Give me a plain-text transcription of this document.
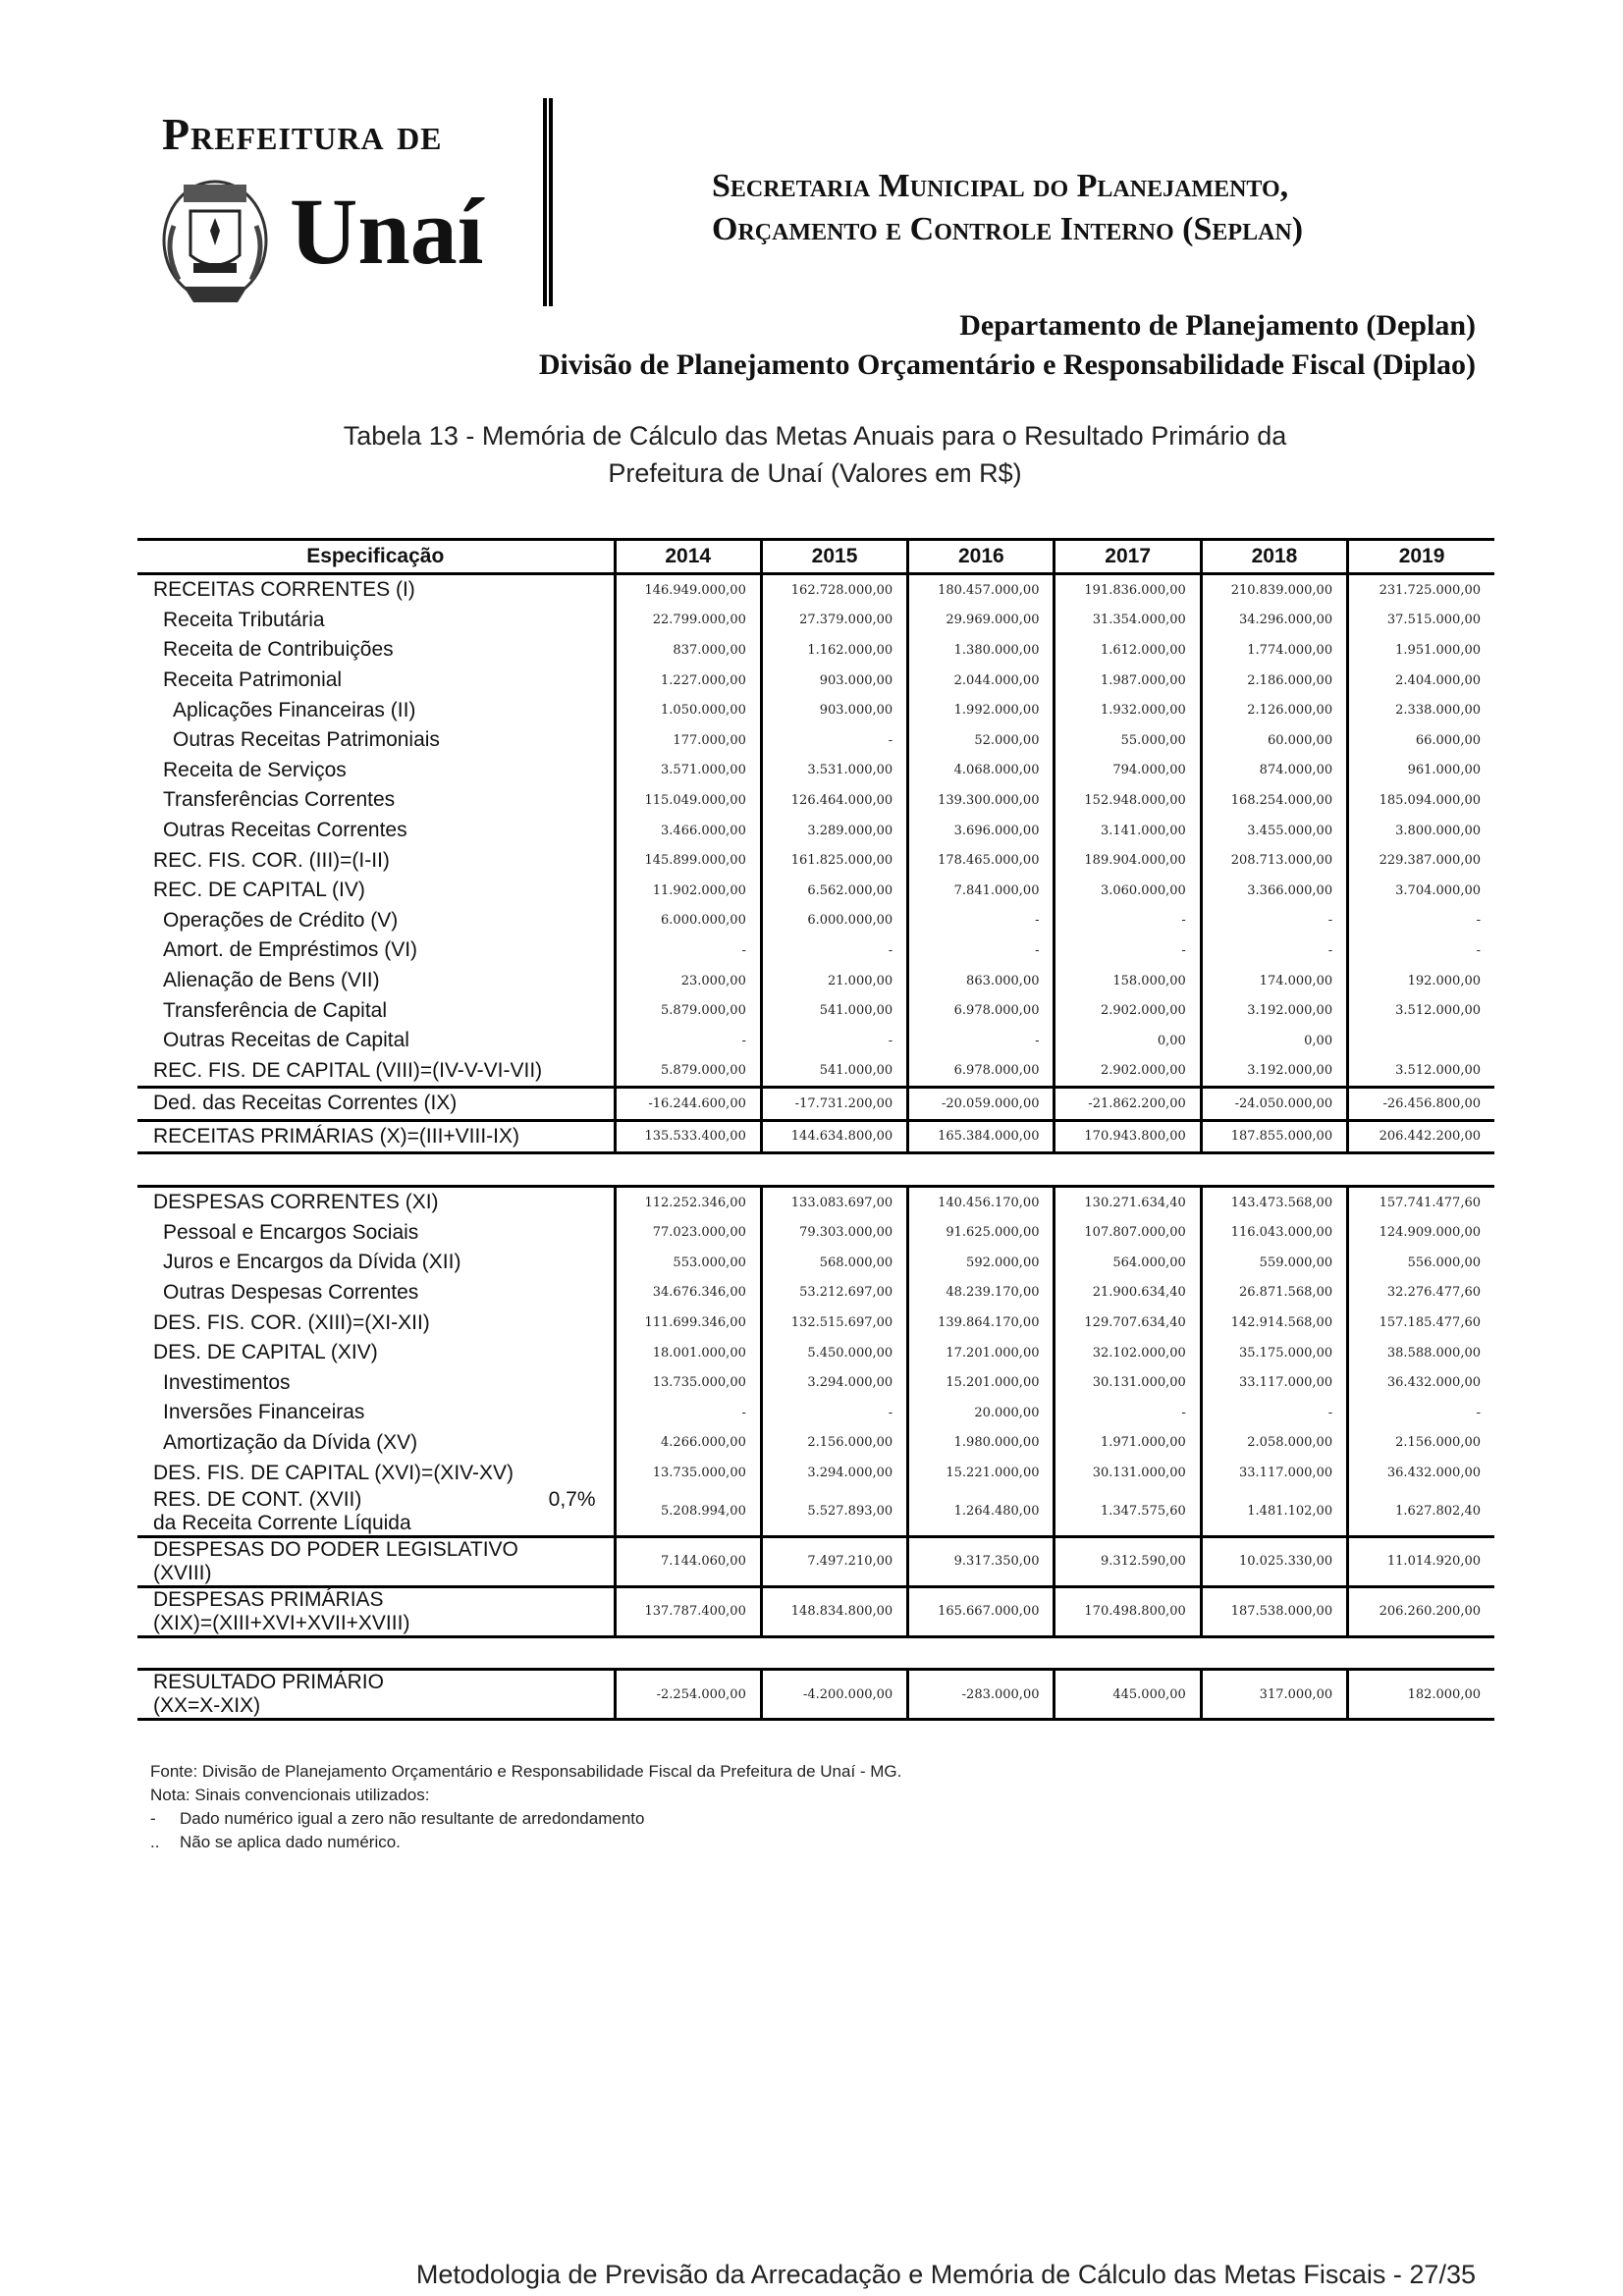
Prefeitura de
Unaí	Secretaria Municipal do Planejamento,
Orçamento e Controle Interno (Seplan)
Departamento de Planejamento (Deplan)
Divisão de Planejamento Orçamentário e Responsabilidade Fiscal (Diplao)
Tabela 13 - Memória de Cálculo das Metas Anuais para o Resultado Primário da
Prefeitura de Unaí (Valores em R$)
Especificação	2014	2015	2016	2017	2018	2019
RECEITAS CORRENTES (I)	146.949.000,00	162.728.000,00	180.457.000,00	191.836.000,00	210.839.000,00	231.725.000,00
Receita Tributária	22.799.000,00	27.379.000,00	29.969.000,00	31.354.000,00	34.296.000,00	37.515.000,00
Receita de Contribuições	837.000,00	1.162.000,00	1.380.000,00	1.612.000,00	1.774.000,00	1.951.000,00
Receita Patrimonial	1.227.000,00	903.000,00	2.044.000,00	1.987.000,00	2.186.000,00	2.404.000,00
Aplicações Financeiras (II)	1.050.000,00	903.000,00	1.992.000,00	1.932.000,00	2.126.000,00	2.338.000,00
Outras Receitas Patrimoniais	177.000,00	-	52.000,00	55.000,00	60.000,00	66.000,00
Receita de Serviços	3.571.000,00	3.531.000,00	4.068.000,00	794.000,00	874.000,00	961.000,00
Transferências Correntes	115.049.000,00	126.464.000,00	139.300.000,00	152.948.000,00	168.254.000,00	185.094.000,00
Outras Receitas Correntes	3.466.000,00	3.289.000,00	3.696.000,00	3.141.000,00	3.455.000,00	3.800.000,00
REC. FIS. COR. (III)=(I-II)	145.899.000,00	161.825.000,00	178.465.000,00	189.904.000,00	208.713.000,00	229.387.000,00
REC. DE CAPITAL (IV)	11.902.000,00	6.562.000,00	7.841.000,00	3.060.000,00	3.366.000,00	3.704.000,00
Operações de Crédito (V)	6.000.000,00	6.000.000,00	-	-	-	-
Amort. de Empréstimos (VI)	-	-	-	-	-	-
Alienação de Bens (VII)	23.000,00	21.000,00	863.000,00	158.000,00	174.000,00	192.000,00
Transferência de Capital	5.879.000,00	541.000,00	6.978.000,00	2.902.000,00	3.192.000,00	3.512.000,00
Outras Receitas de Capital	-	-	-	0,00	0,00	
REC. FIS. DE CAPITAL (VIII)=(IV-V-VI-VII)	5.879.000,00	541.000,00	6.978.000,00	2.902.000,00	3.192.000,00	3.512.000,00
Ded. das Receitas Correntes (IX)	-16.244.600,00	-17.731.200,00	-20.059.000,00	-21.862.200,00	-24.050.000,00	-26.456.800,00
RECEITAS PRIMÁRIAS (X)=(III+VIII-IX)	135.533.400,00	144.634.800,00	165.384.000,00	170.943.800,00	187.855.000,00	206.442.200,00

DESPESAS CORRENTES (XI)	112.252.346,00	133.083.697,00	140.456.170,00	130.271.634,40	143.473.568,00	157.741.477,60
Pessoal e Encargos Sociais	77.023.000,00	79.303.000,00	91.625.000,00	107.807.000,00	116.043.000,00	124.909.000,00
Juros e Encargos da Dívida (XII)	553.000,00	568.000,00	592.000,00	564.000,00	559.000,00	556.000,00
Outras Despesas Correntes	34.676.346,00	53.212.697,00	48.239.170,00	21.900.634,40	26.871.568,00	32.276.477,60
DES. FIS. COR. (XIII)=(XI-XII)	111.699.346,00	132.515.697,00	139.864.170,00	129.707.634,40	142.914.568,00	157.185.477,60
DES. DE CAPITAL (XIV)	18.001.000,00	5.450.000,00	17.201.000,00	32.102.000,00	35.175.000,00	38.588.000,00
Investimentos	13.735.000,00	3.294.000,00	15.201.000,00	30.131.000,00	33.117.000,00	36.432.000,00
Inversões Financeiras	-	-	20.000,00	-	-	-
Amortização da Dívida (XV)	4.266.000,00	2.156.000,00	1.980.000,00	1.971.000,00	2.058.000,00	2.156.000,00
DES. FIS. DE CAPITAL (XVI)=(XIV-XV)	13.735.000,00	3.294.000,00	15.221.000,00	30.131.000,00	33.117.000,00	36.432.000,00

0,7%
RES. DE CONT. (XVII)
da Receita Corrente Líquida	5.208.994,00	5.527.893,00	1.264.480,00	1.347.575,60	1.481.102,00	1.627.802,40

DESPESAS DO PODER LEGISLATIVO
(XVIII)	7.144.060,00	7.497.210,00	9.317.350,00	9.312.590,00	10.025.330,00	11.014.920,00

DESPESAS PRIMÁRIAS
(XIX)=(XIII+XVI+XVII+XVIII)	137.787.400,00	148.834.800,00	165.667.000,00	170.498.800,00	187.538.000,00	206.260.200,00

RESULTADO PRIMÁRIO
(XX=X-XIX)	-2.254.000,00	-4.200.000,00	-283.000,00	445.000,00	317.000,00	182.000,00
Fonte: Divisão de Planejamento Orçamentário e Responsabilidade Fiscal da Prefeitura de Unaí - MG.
Nota: Sinais convencionais utilizados:
- Dado numérico igual a zero não resultante de arredondamento
.. Não se aplica dado numérico.
Metodologia de Previsão da Arrecadação e Memória de Cálculo das Metas Fiscais - 27/35
